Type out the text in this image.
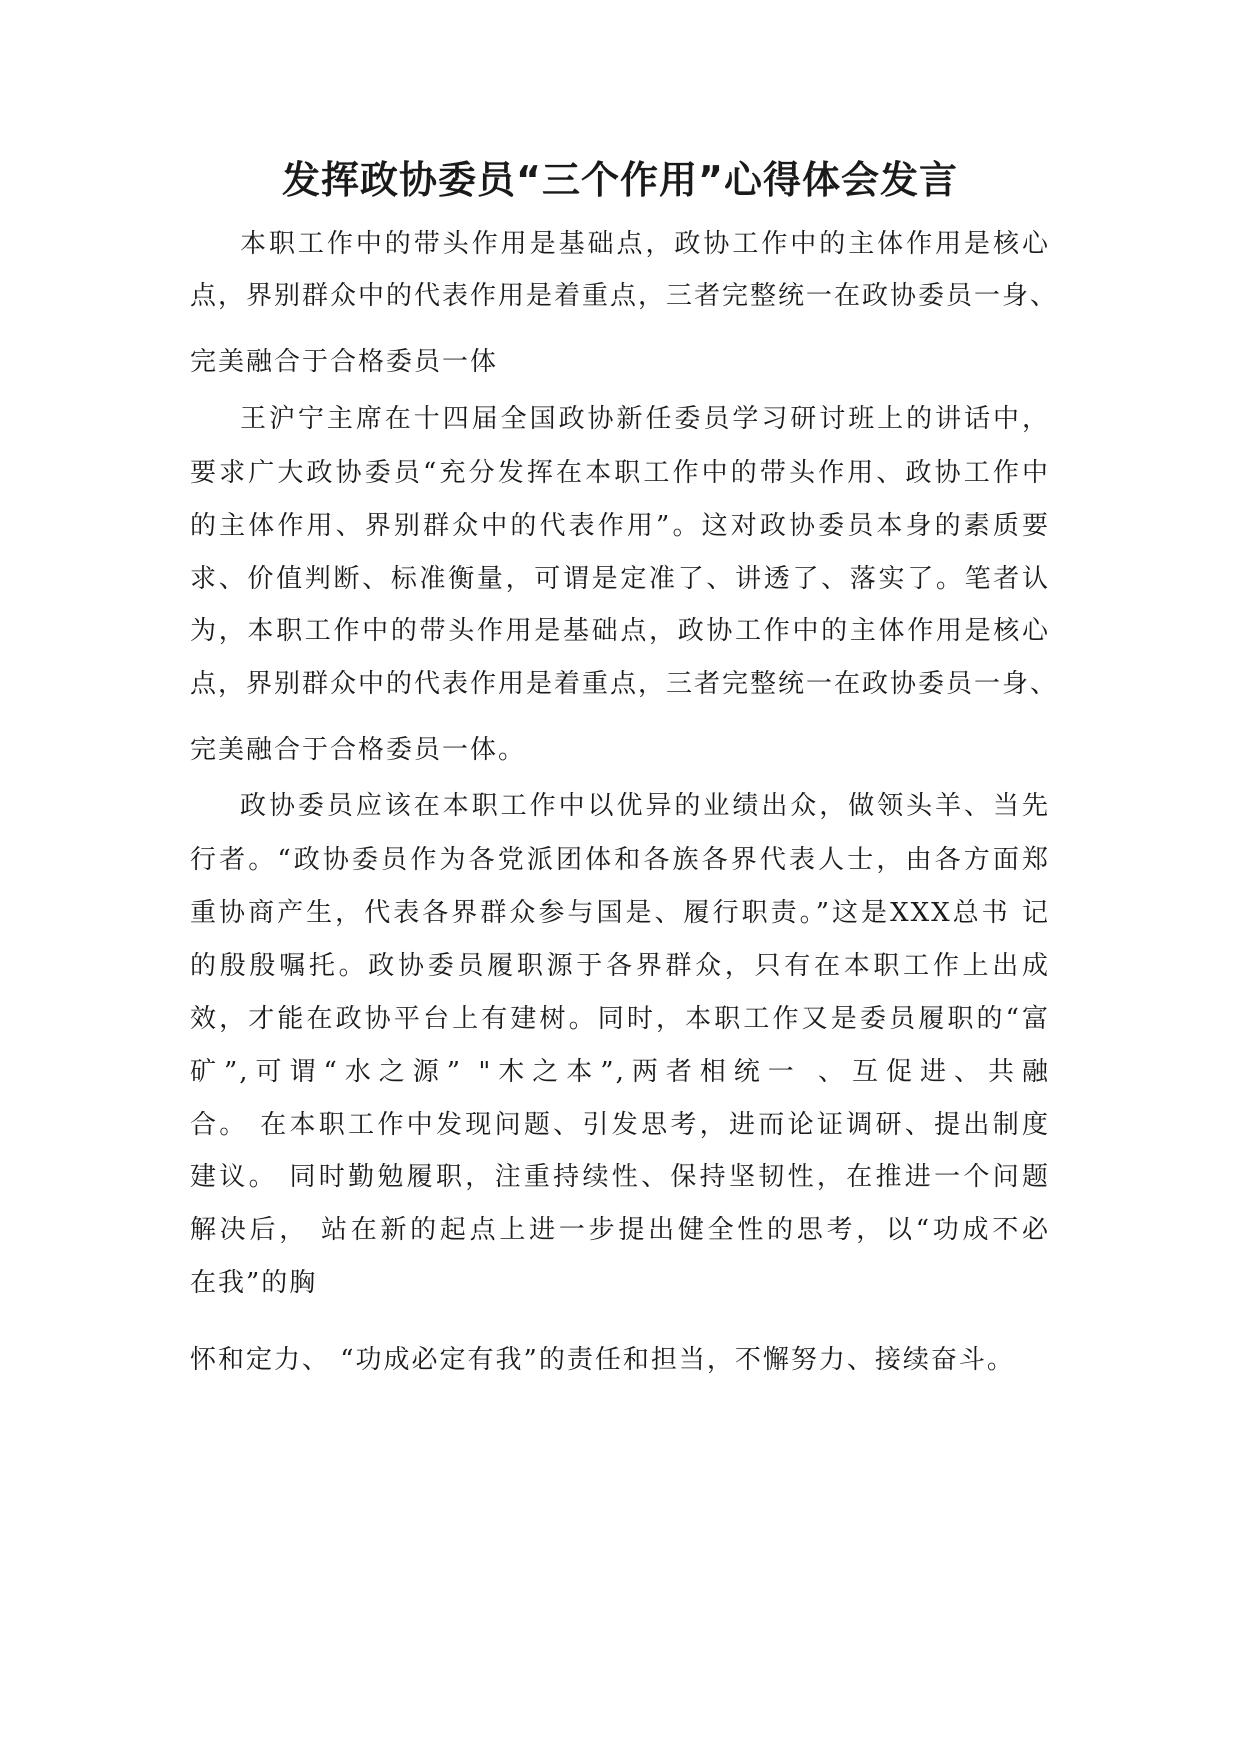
发挥政协委员“三个作用”心得体会发言
本职工作中的带头作用是基础点，政协工作中的主体作用是核心
点，界别群众中的代表作用是着重点，三者完整统一在政协委员一身、
完美融合于合格委员一体
王沪宁主席在十四届全国政协新任委员学习研讨班上的讲话中，
要求广大政协委员“充分发挥在本职工作中的带头作用、政协工作中
的主体作用、界别群众中的代表作用”。这对政协委员本身的素质要
求、价值判断、标准衡量，可谓是定准了、讲透了、落实了。笔者认
为，本职工作中的带头作用是基础点，政协工作中的主体作用是核心
点，界别群众中的代表作用是着重点，三者完整统一在政协委员一身、
完美融合于合格委员一体。
政协委员应该在本职工作中以优异的业绩出众，做领头羊、当先
行者。“政协委员作为各党派团体和各族各界代表人士，由各方面郑
重协商产生，代表各界群众参与国是、履行职责。”这是XXX总书 记
的殷殷嘱托。政协委员履职源于各界群众，只有在本职工作上出成
效，才能在政协平台上有建树。同时，本职工作又是委员履职的“富
矿”,可谓“水之源” "木之本”,两者相统一 、互促进、共融
合。 在本职工作中发现问题、引发思考，进而论证调研、提出制度
建议。 同时勤勉履职，注重持续性、保持坚韧性，在推进一个问题
解决后， 站在新的起点上进一步提出健全性的思考，以“功成不必
在我”的胸
怀和定力、 “功成必定有我”的责任和担当，不懈努力、接续奋斗。
